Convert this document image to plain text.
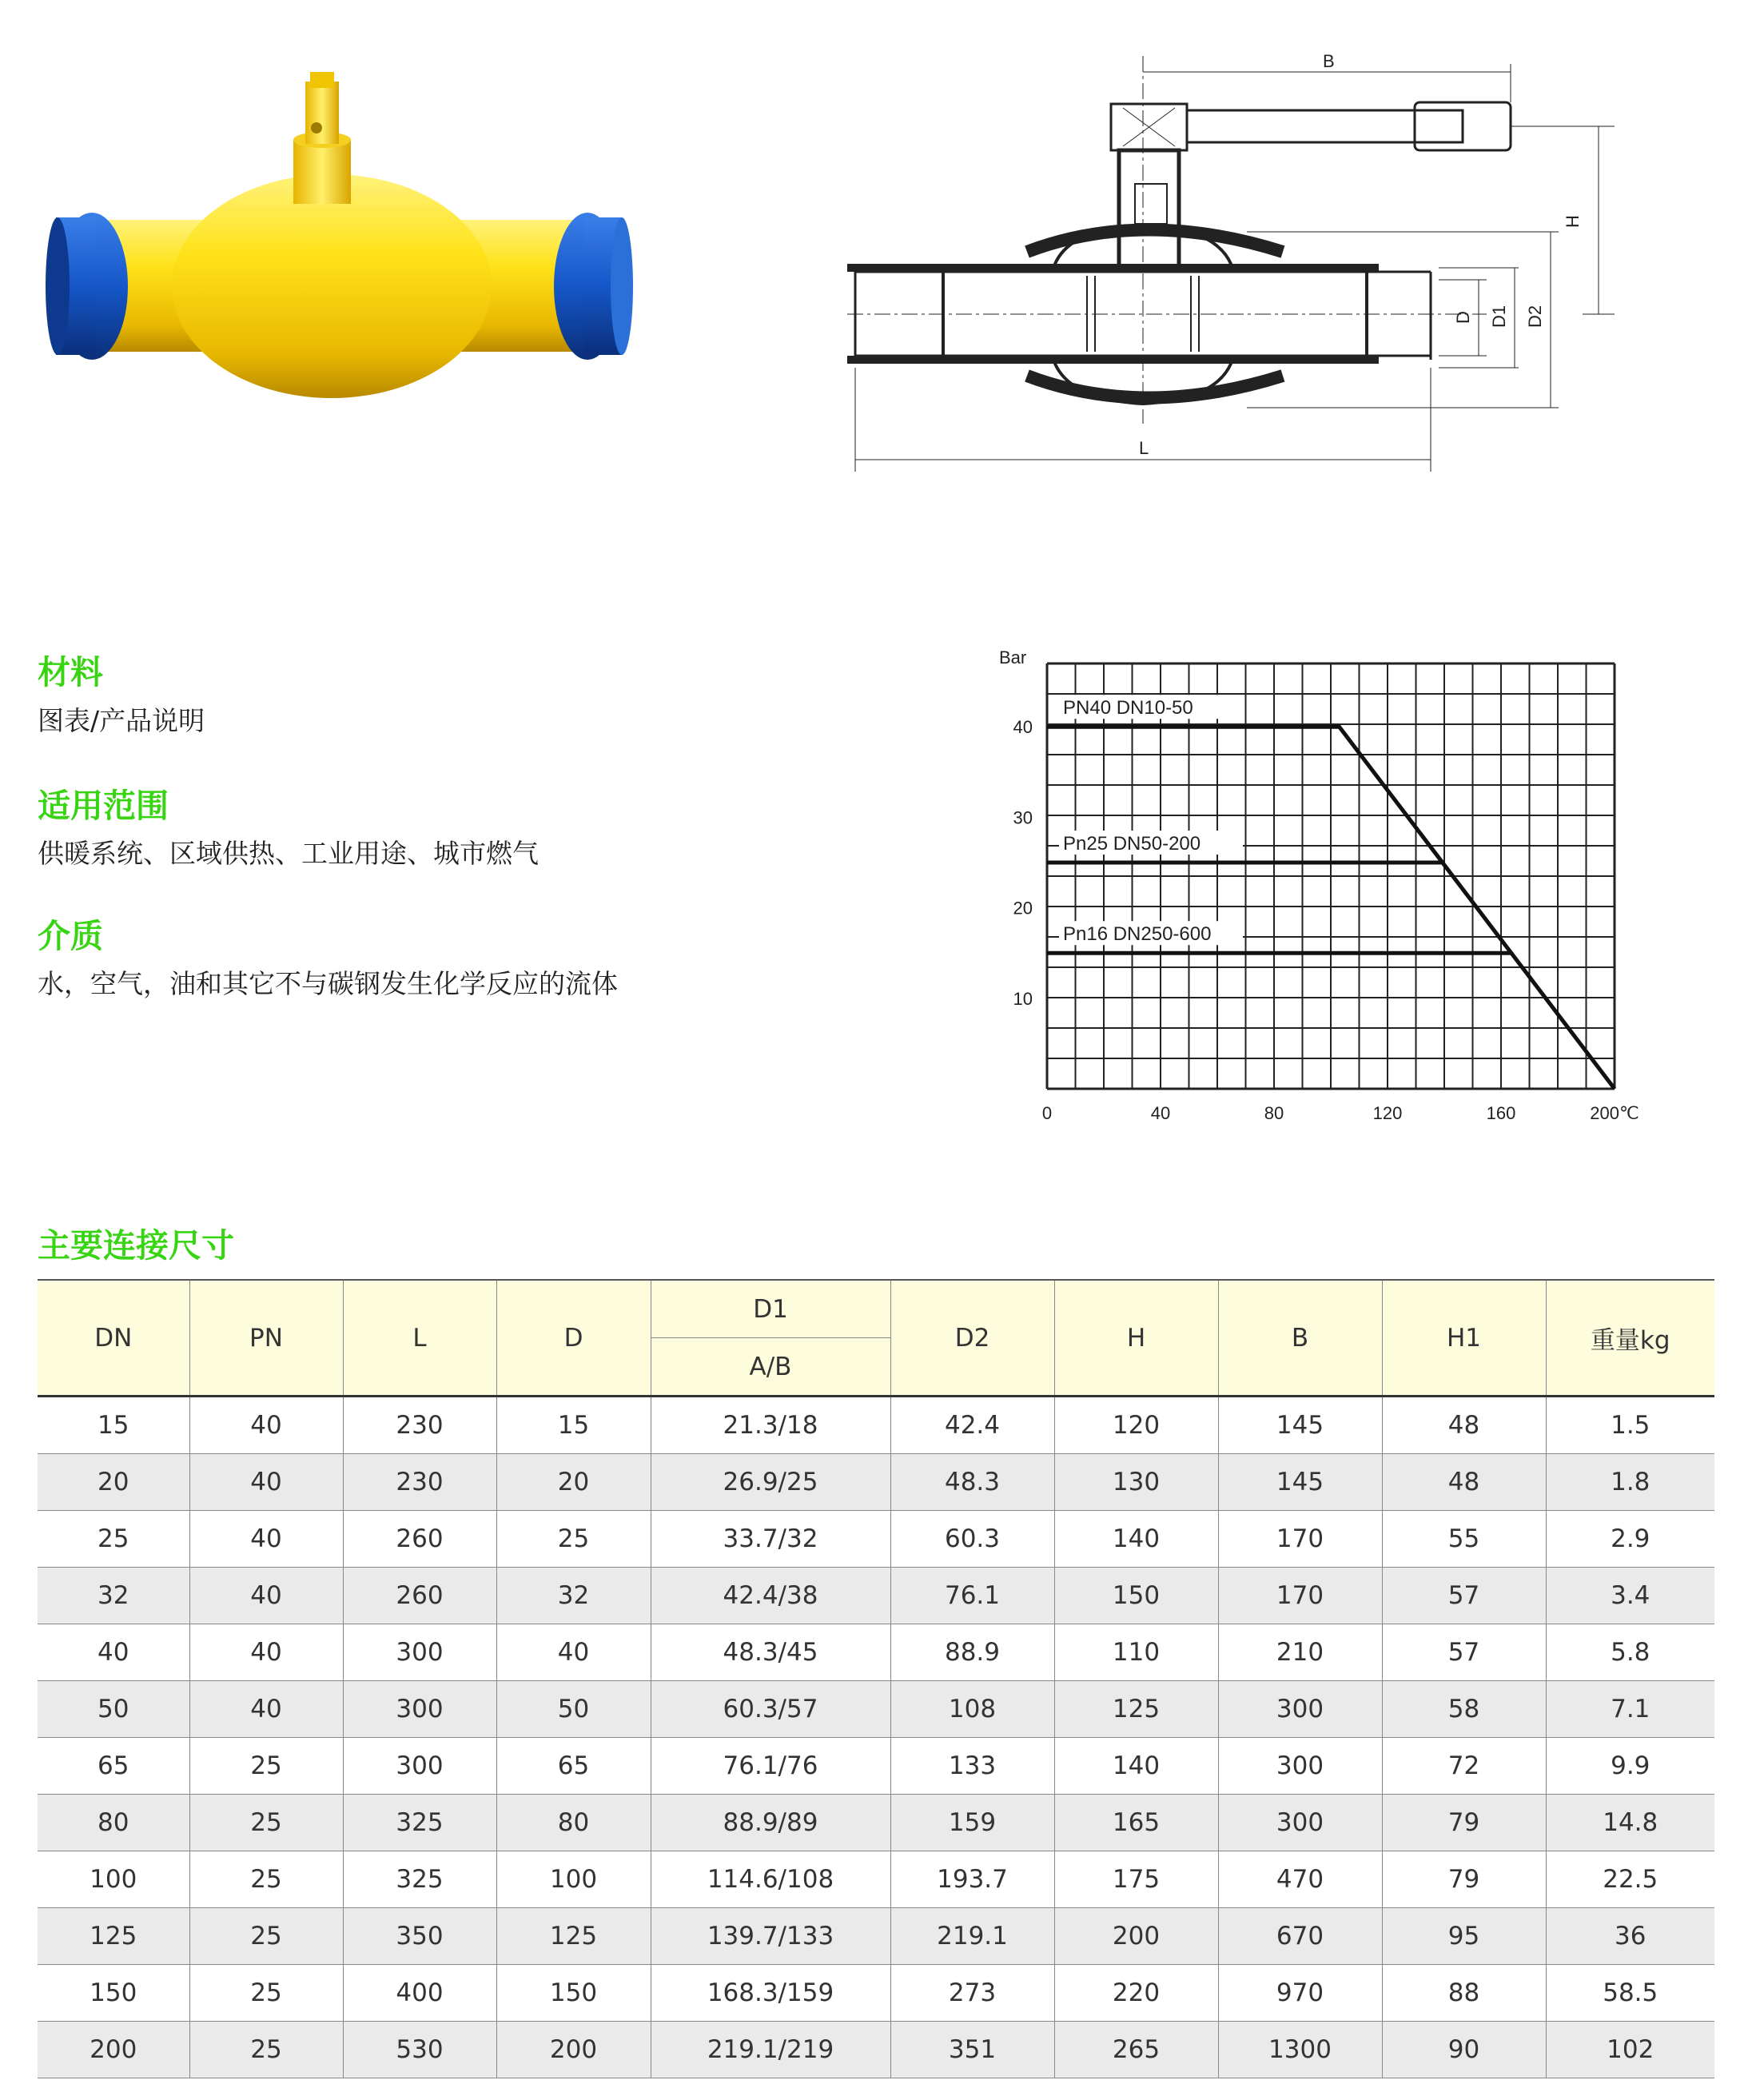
B
H
D D1 D2
L
材料
图表/产品说明
适用范围
供暖系统、区域供热、工业用途、城市燃气
介质
水，空气，油和其它不与碳钢发生化学反应的流体
Bar
10
20
30
40
0	40	80	120	160	200℃
PN40 DN10-50
Pn25 DN50-200
Pn16 DN250-600
主要连接尺寸
DN	PN	L	D	D1	D2	H	B	H1	重量kg
				A/B					
15	40	230	15	21.3/18	42.4	120	145	48	1.5
20	40	230	20	26.9/25	48.3	130	145	48	1.8
25	40	260	25	33.7/32	60.3	140	170	55	2.9
32	40	260	32	42.4/38	76.1	150	170	57	3.4
40	40	300	40	48.3/45	88.9	110	210	57	5.8
50	40	300	50	60.3/57	108	125	300	58	7.1
65	25	300	65	76.1/76	133	140	300	72	9.9
80	25	325	80	88.9/89	159	165	300	79	14.8
100	25	325	100	114.6/108	193.7	175	470	79	22.5
125	25	350	125	139.7/133	219.1	200	670	95	36
150	25	400	150	168.3/159	273	220	970	88	58.5
200	25	530	200	219.1/219	351	265	1300	90	102
